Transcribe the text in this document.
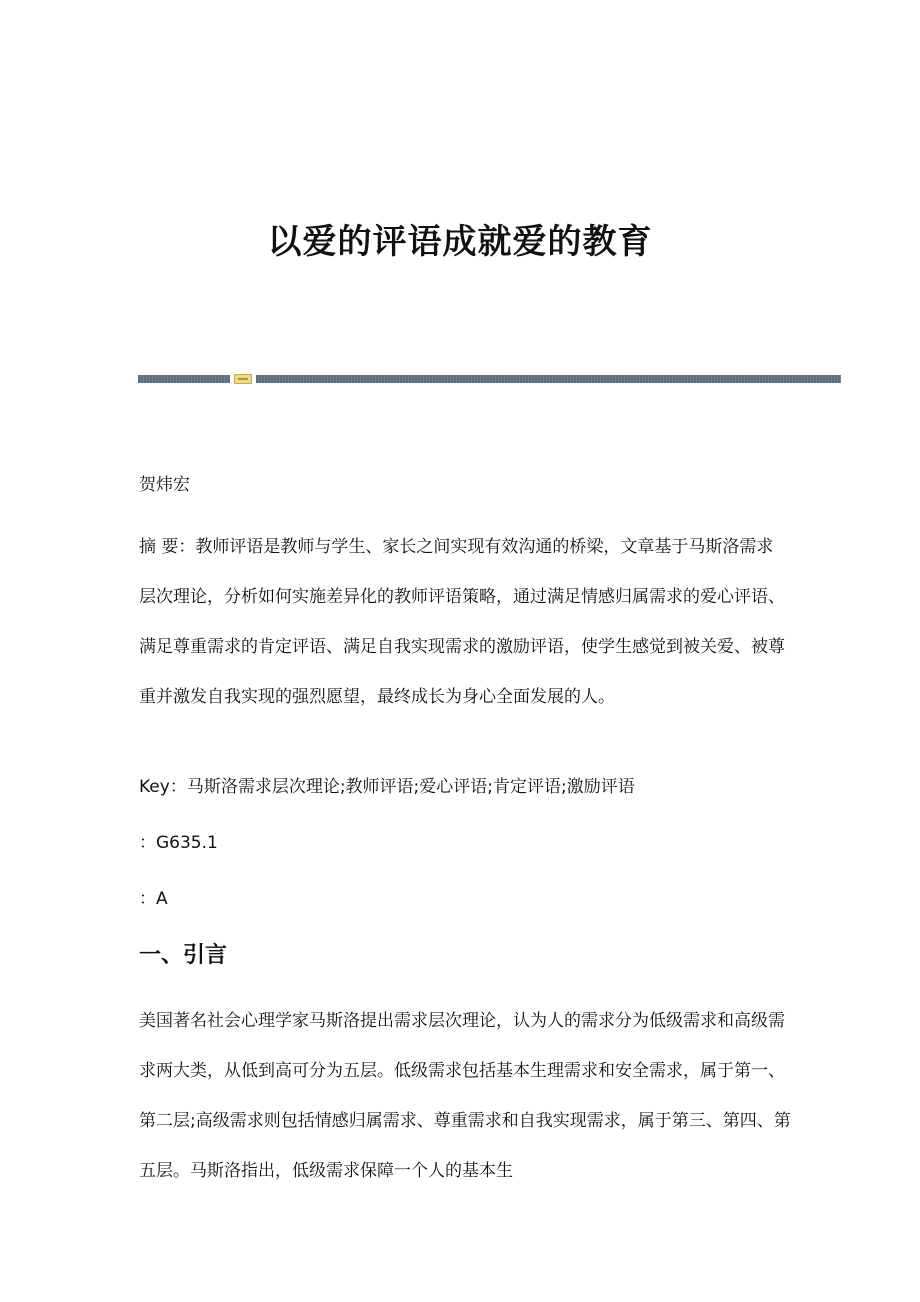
以爱的评语成就爱的教育
贺炜宏
摘 要：教师评语是教师与学生、家长之间实现有效沟通的桥梁，文章基于马斯洛需求层次理论，分析如何实施差异化的教师评语策略，通过满足情感归属需求的爱心评语、满足尊重需求的肯定评语、满足自我实现需求的激励评语，使学生感觉到被关爱、被尊重并激发自我实现的强烈愿望，最终成长为身心全面发展的人。
Key：马斯洛需求层次理论;教师评语;爱心评语;肯定评语;激励评语
：G635.1
：A
一、引言
美国著名社会心理学家马斯洛提出需求层次理论，认为人的需求分为低级需求和高级需求两大类，从低到高可分为五层。低级需求包括基本生理需求和安全需求，属于第一、第二层;高级需求则包括情感归属需求、尊重需求和自我实现需求，属于第三、第四、第五层。马斯洛指出，低级需求保障一个人的基本生
